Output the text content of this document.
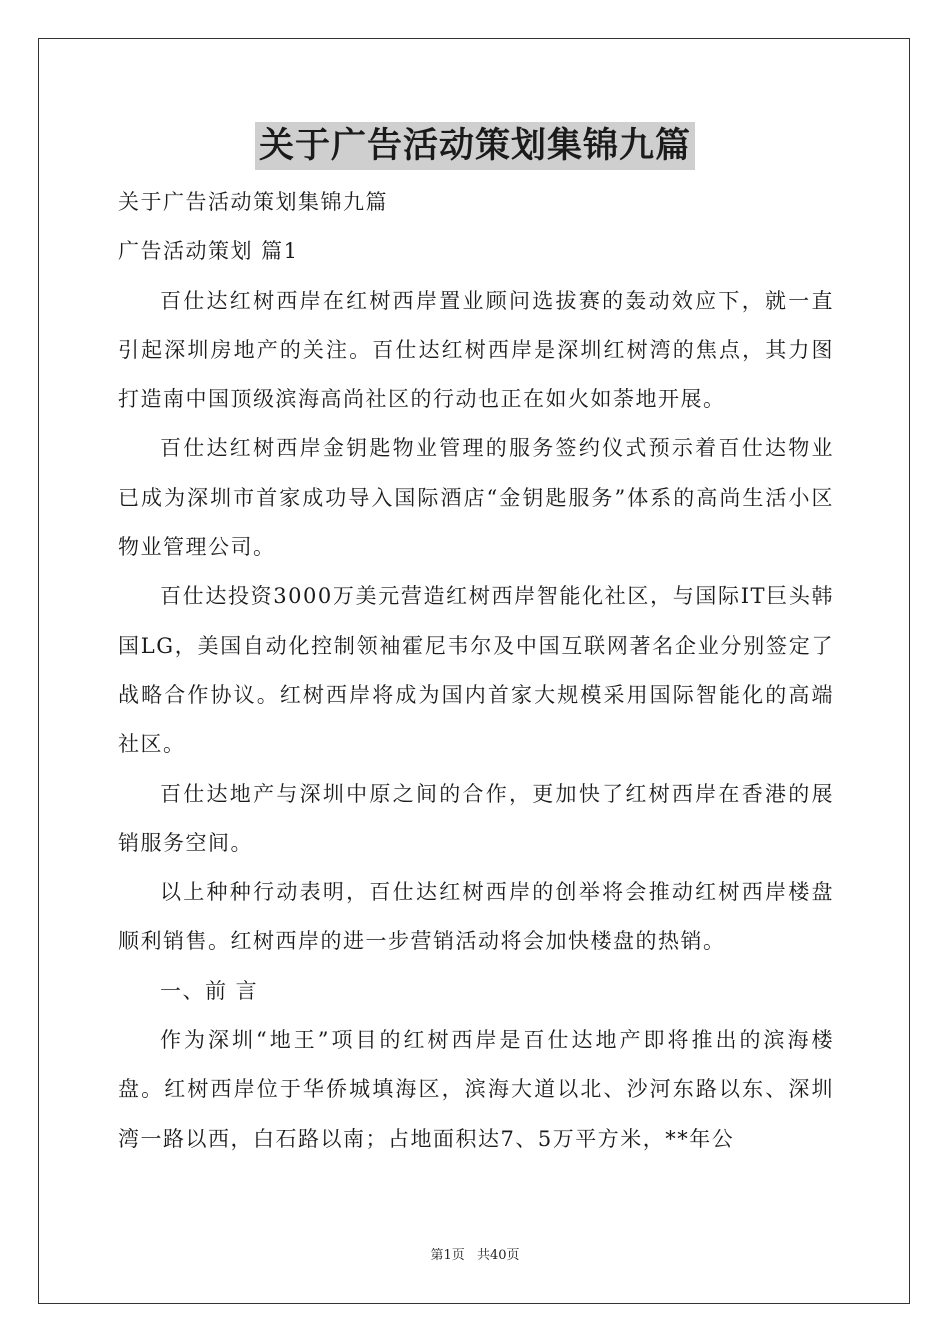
关于广告活动策划集锦九篇

关于广告活动策划集锦九篇

广告活动策划 篇1

百仕达红树西岸在红树西岸置业顾问选拔赛的轰动效应下，就一直引起深圳房地产的关注。百仕达红树西岸是深圳红树湾的焦点，其力图打造南中国顶级滨海高尚社区的行动也正在如火如荼地开展。

百仕达红树西岸金钥匙物业管理的服务签约仪式预示着百仕达物业已成为深圳市首家成功导入国际酒店“金钥匙服务”体系的高尚生活小区物业管理公司。

百仕达投资3000万美元营造红树西岸智能化社区，与国际IT巨头韩国LG，美国自动化控制领袖霍尼韦尔及中国互联网著名企业分别签定了战略合作协议。红树西岸将成为国内首家大规模采用国际智能化的高端社区。

百仕达地产与深圳中原之间的合作，更加快了红树西岸在香港的展销服务空间。

以上种种行动表明，百仕达红树西岸的创举将会推动红树西岸楼盘顺利销售。红树西岸的进一步营销活动将会加快楼盘的热销。

一、前 言

作为深圳“地王”项目的红树西岸是百仕达地产即将推出的滨海楼盘。红树西岸位于华侨城填海区，滨海大道以北、沙河东路以东、深圳湾一路以西，白石路以南；占地面积达7、5万平方米，**年公

第1页 共40页
